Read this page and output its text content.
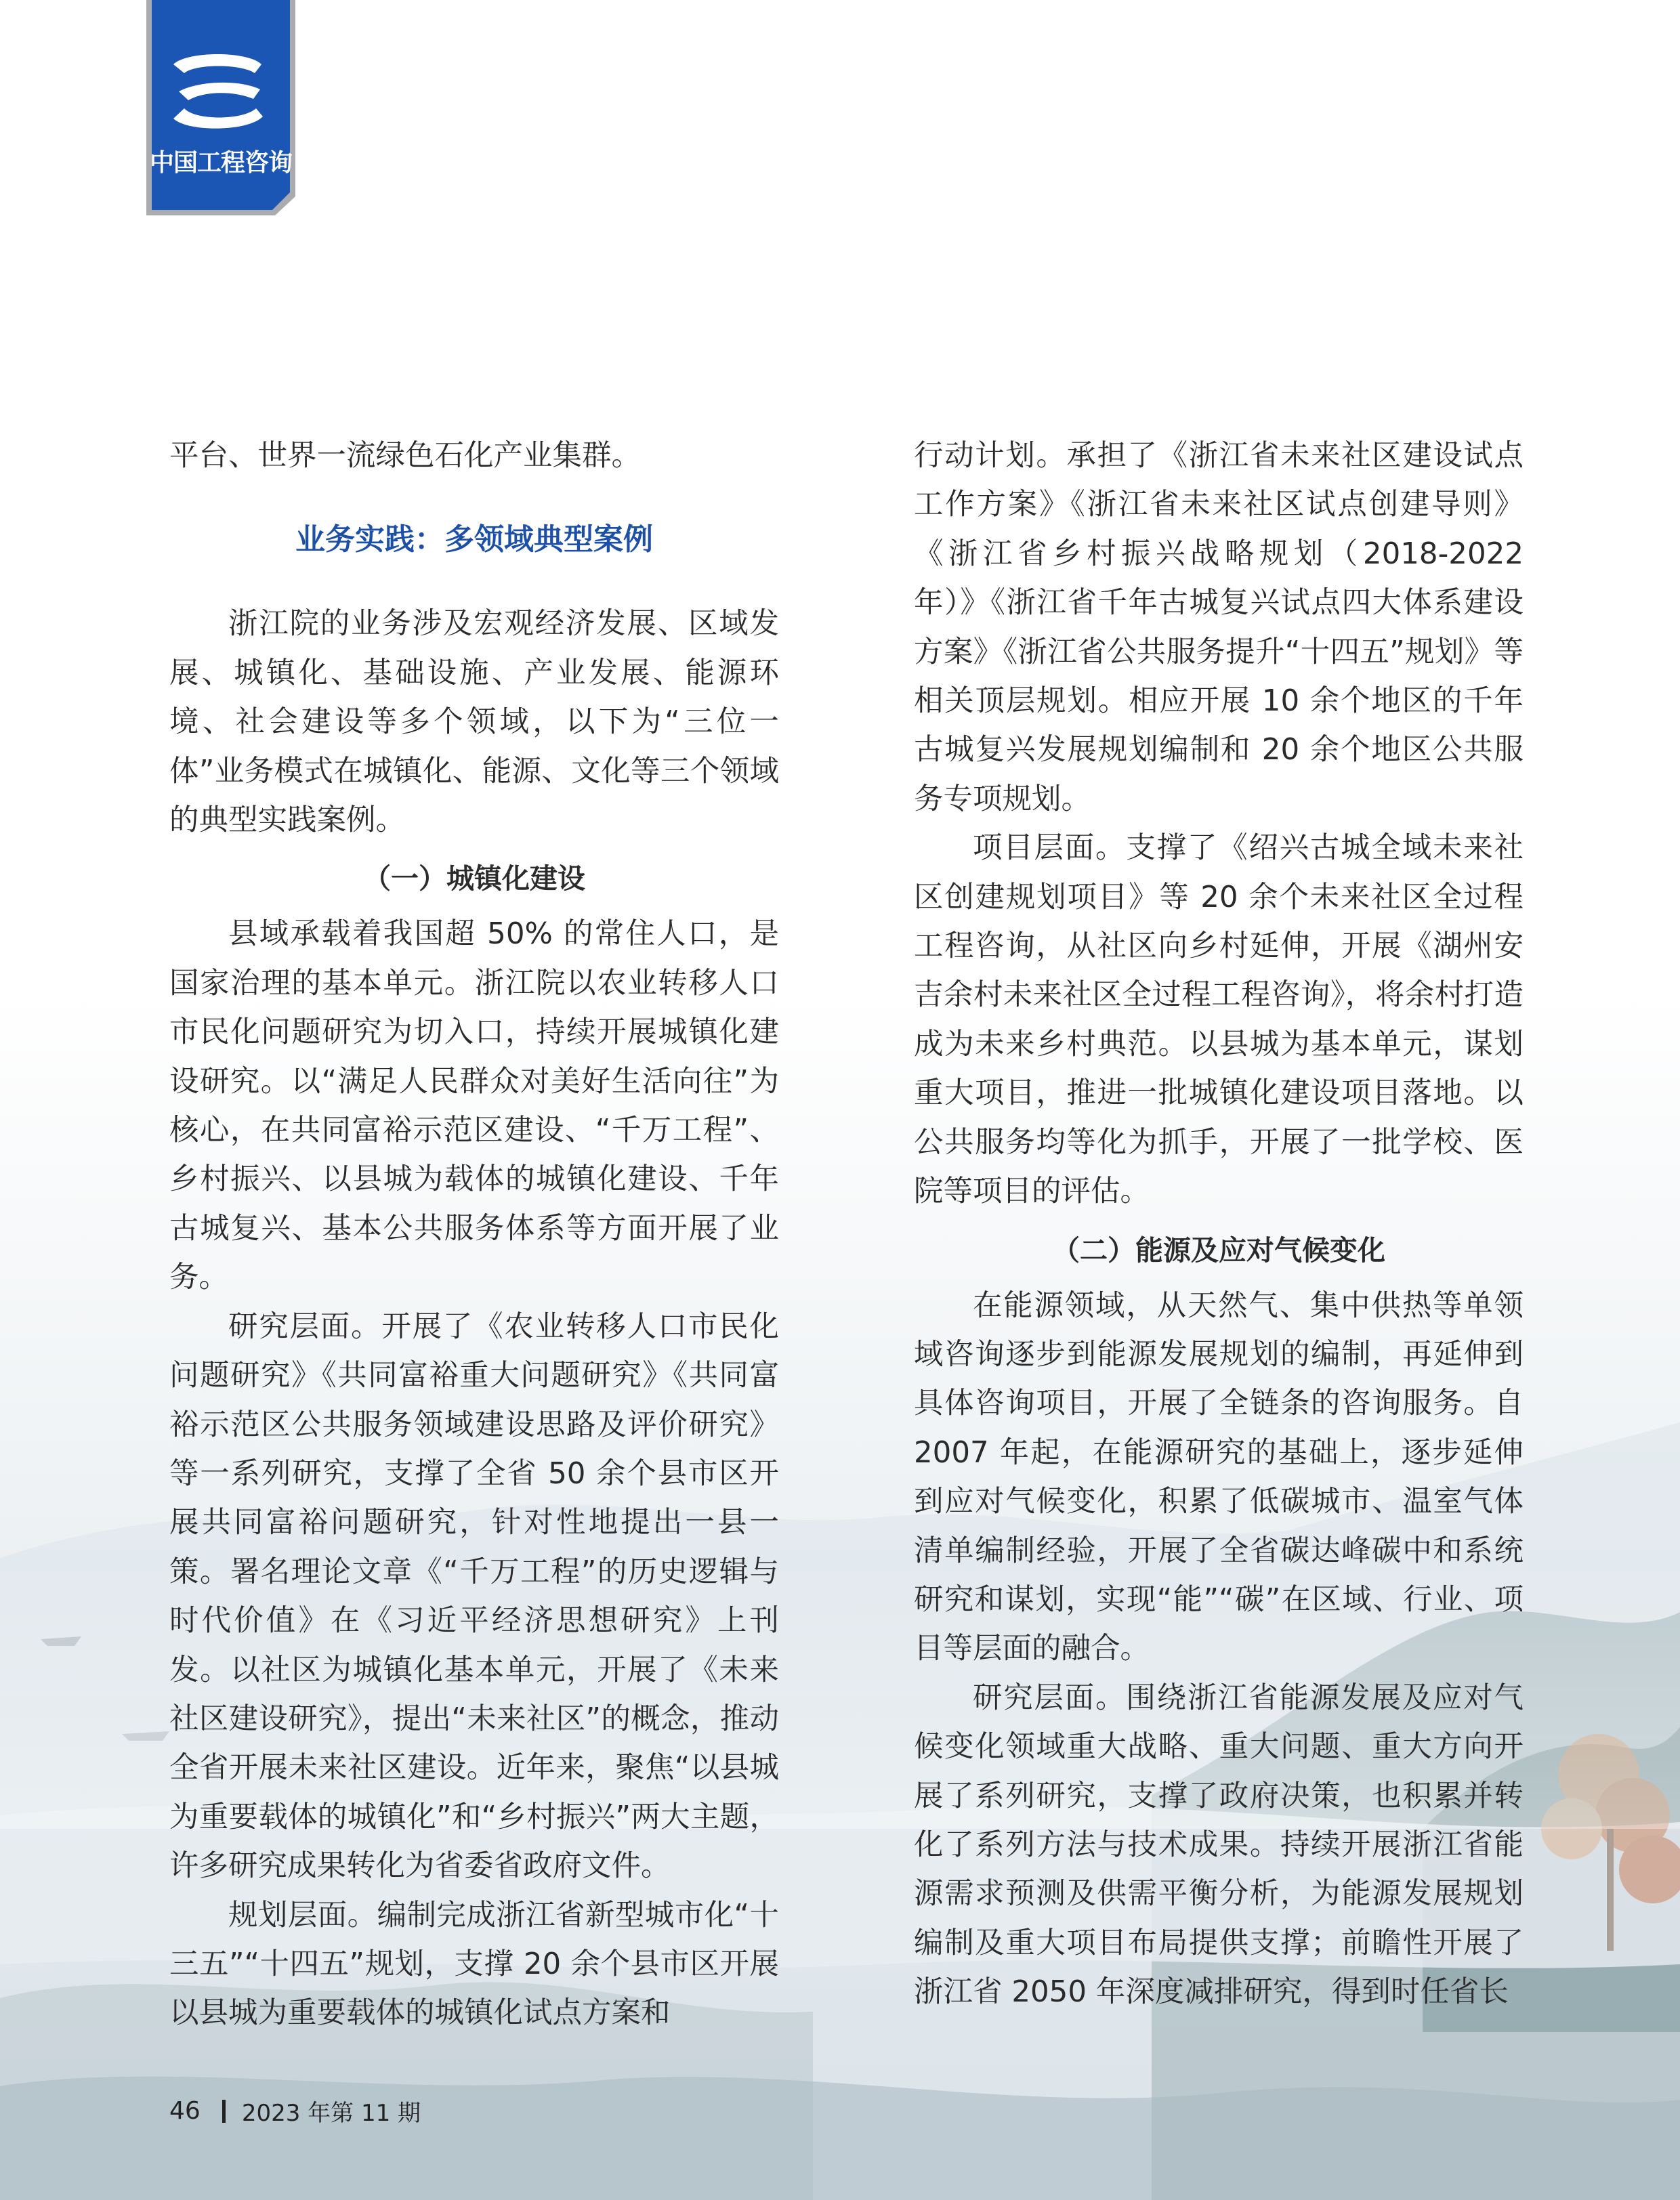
中国工程咨询

平台、世界一流绿色石化产业集群。

业务实践：多领域典型案例

浙江院的业务涉及宏观经济发展、区域发展、城镇化、基础设施、产业发展、能源环境、社会建设等多个领域，以下为“三位一体”业务模式在城镇化、能源、文化等三个领域的典型实践案例。

（一）城镇化建设

县域承载着我国超 50% 的常住人口，是国家治理的基本单元。浙江院以农业转移人口市民化问题研究为切入口，持续开展城镇化建设研究。以“满足人民群众对美好生活向往”为核心，在共同富裕示范区建设、“千万工程”、乡村振兴、以县城为载体的城镇化建设、千年古城复兴、基本公共服务体系等方面开展了业务。

研究层面。开展了《农业转移人口市民化问题研究》《共同富裕重大问题研究》《共同富裕示范区公共服务领域建设思路及评价研究》等一系列研究，支撑了全省 50 余个县市区开展共同富裕问题研究，针对性地提出一县一策。署名理论文章《“千万工程”的历史逻辑与时代价值》在《习近平经济思想研究》上刊发。以社区为城镇化基本单元，开展了《未来社区建设研究》，提出“未来社区”的概念，推动全省开展未来社区建设。近年来，聚焦“以县城为重要载体的城镇化”和“乡村振兴”两大主题，许多研究成果转化为省委省政府文件。

规划层面。编制完成浙江省新型城市化“十三五”“十四五”规划，支撑 20 余个县市区开展以县城为重要载体的城镇化试点方案和

行动计划。承担了《浙江省未来社区建设试点工作方案》《浙江省未来社区试点创建导则》《浙江省乡村振兴战略规划（2018-2022 年）》《浙江省千年古城复兴试点四大体系建设方案》《浙江省公共服务提升“十四五”规划》等相关顶层规划。相应开展 10 余个地区的千年古城复兴发展规划编制和 20 余个地区公共服务专项规划。

项目层面。支撑了《绍兴古城全域未来社区创建规划项目》等 20 余个未来社区全过程工程咨询，从社区向乡村延伸，开展《湖州安吉余村未来社区全过程工程咨询》，将余村打造成为未来乡村典范。以县城为基本单元，谋划重大项目，推进一批城镇化建设项目落地。以公共服务均等化为抓手，开展了一批学校、医院等项目的评估。

（二）能源及应对气候变化

在能源领域，从天然气、集中供热等单领域咨询逐步到能源发展规划的编制，再延伸到具体咨询项目，开展了全链条的咨询服务。自 2007 年起，在能源研究的基础上，逐步延伸到应对气候变化，积累了低碳城市、温室气体清单编制经验，开展了全省碳达峰碳中和系统研究和谋划，实现“能”“碳”在区域、行业、项目等层面的融合。

研究层面。围绕浙江省能源发展及应对气候变化领域重大战略、重大问题、重大方向开展了系列研究，支撑了政府决策，也积累并转化了系列方法与技术成果。持续开展浙江省能源需求预测及供需平衡分析，为能源发展规划编制及重大项目布局提供支撑；前瞻性开展了浙江省 2050 年深度减排研究，得到时任省长

46 2023 年第 11 期
